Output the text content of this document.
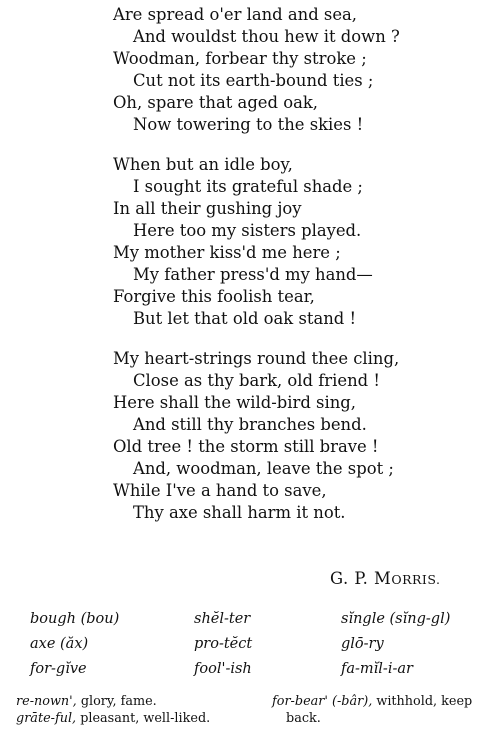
Are spread o'er land and sea,
And wouldst thou hew it down ?
Woodman, forbear thy stroke ;
Cut not its earth-bound ties ;
Oh, spare that aged oak,
Now towering to the skies !
When but an idle boy,
I sought its grateful shade ;
In all their gushing joy
Here too my sisters played.
My mother kiss'd me here ;
My father press'd my hand—
Forgive this foolish tear,
But let that old oak stand !
My heart-strings round thee cling,
Close as thy bark, old friend !
Here shall the wild-bird sing,
And still thy branches bend.
Old tree ! the storm still brave !
And, woodman, leave the spot ;
While I've a hand to save,
Thy axe shall harm it not.
G. P. MORRIS.
bough (bou)	shĕl-ter	sĭngle (sĭng-gl)
axe (ăx)	pro-tĕct	glō-ry
for-gĭve	fool'-ish	fa-mĭl-i-ar
re-nown', glory, fame.
grāte-ful, pleasant, well-liked.
for-bear' (-bâr), withhold, keep
back.
